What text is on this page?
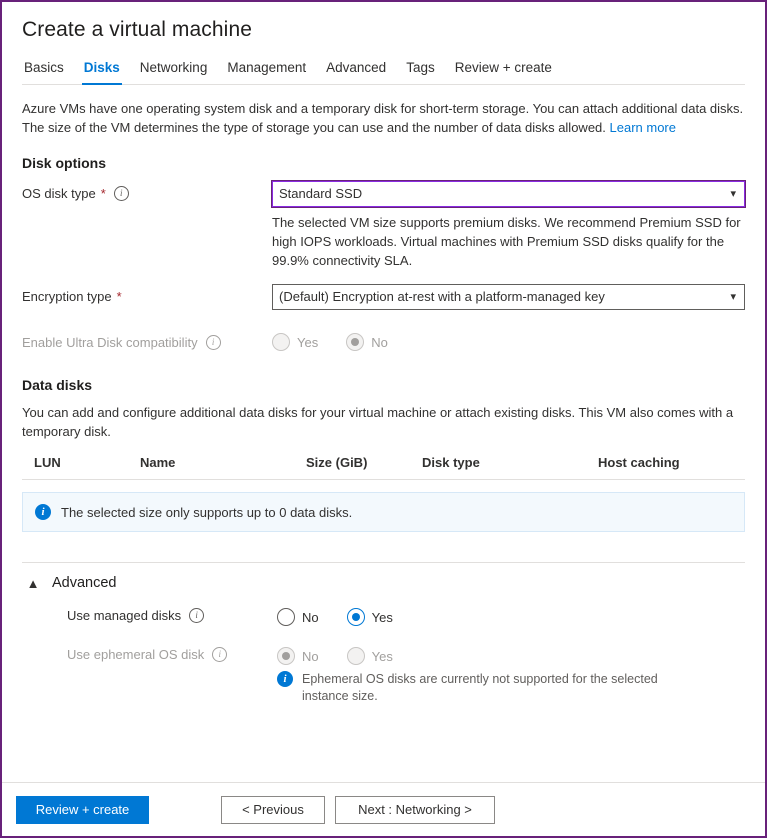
Create a virtual machine
Basics	Disks	Networking	Management	Advanced	Tags	Review + create

Azure VMs have one operating system disk and a temporary disk for short-term storage. You can attach additional data disks. The size of the VM determines the type of storage you can use and the number of data disks allowed. Learn more

Disk options
OS disk type *	i	Standard SSD	▾
The selected VM size supports premium disks. We recommend Premium SSD for high IOPS workloads. Virtual machines with Premium SSD disks qualify for the 99.9% connectivity SLA.
Encryption type *	(Default) Encryption at-rest with a platform-managed key	▾
Enable Ultra Disk compatibility	i	Yes	No
Data disks
You can add and configure additional data disks for your virtual machine or attach existing disks. This VM also comes with a temporary disk.
LUN	Name	Size (GiB)	Disk type	Host caching
i	The selected size only supports up to 0 data disks.
▲ Advanced
Use managed disks	i	No	Yes
Use ephemeral OS disk	i	No	Yes
i	Ephemeral OS disks are currently not supported for the selected instance size.
Review + create	< Previous	Next : Networking >
